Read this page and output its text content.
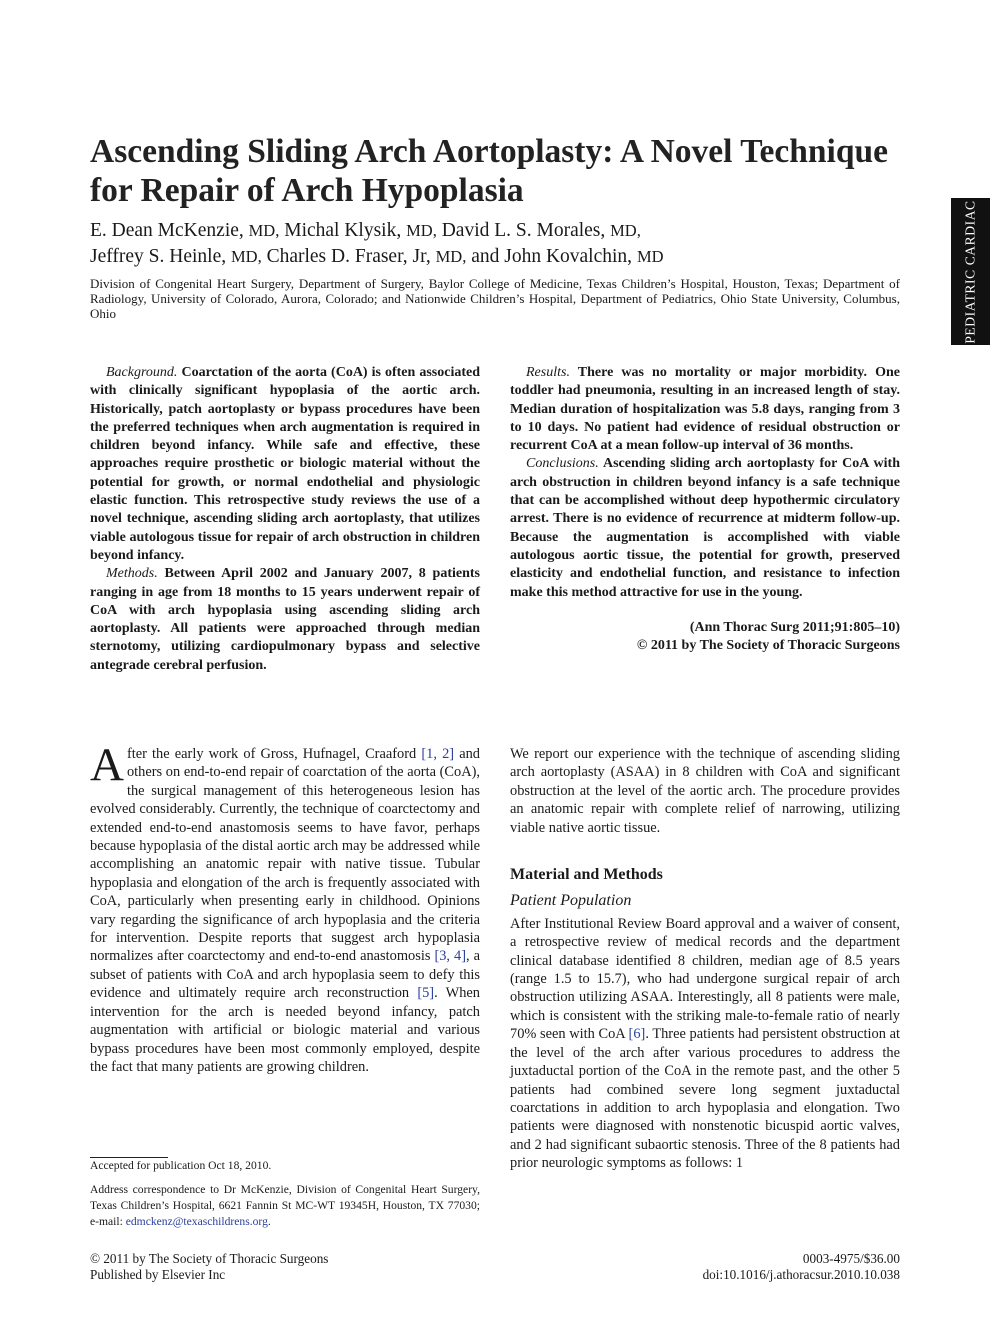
PEDIATRIC CARDIAC
Ascending Sliding Arch Aortoplasty: A Novel Technique for Repair of Arch Hypoplasia
E. Dean McKenzie, MD, Michal Klysik, MD, David L. S. Morales, MD,
Jeffrey S. Heinle, MD, Charles D. Fraser, Jr, MD, and John Kovalchin, MD
Division of Congenital Heart Surgery, Department of Surgery, Baylor College of Medicine, Texas Children’s Hospital, Houston, Texas; Department of Radiology, University of Colorado, Aurora, Colorado; and Nationwide Children’s Hospital, Department of Pediatrics, Ohio State University, Columbus, Ohio

Background. Coarctation of the aorta (CoA) is often associated with clinically significant hypoplasia of the aortic arch. Historically, patch aortoplasty or bypass procedures have been the preferred techniques when arch augmentation is required in children beyond infancy. While safe and effective, these approaches require prosthetic or biologic material without the potential for growth, or normal endothelial and physiologic elastic function. This retrospective study reviews the use of a novel technique, ascending sliding arch aortoplasty, that utilizes viable autologous tissue for repair of arch obstruction in children beyond infancy.

Methods. Between April 2002 and January 2007, 8 patients ranging in age from 18 months to 15 years underwent repair of CoA with arch hypoplasia using ascending sliding arch aortoplasty. All patients were approached through median sternotomy, utilizing cardiopulmonary bypass and selective antegrade cerebral perfusion.

Results. There was no mortality or major morbidity. One toddler had pneumonia, resulting in an increased length of stay. Median duration of hospitalization was 5.8 days, ranging from 3 to 10 days. No patient had evidence of residual obstruction or recurrent CoA at a mean follow-up interval of 36 months.

Conclusions. Ascending sliding arch aortoplasty for CoA with arch obstruction in children beyond infancy is a safe technique that can be accomplished without deep hypothermic circulatory arrest. There is no evidence of recurrence at midterm follow-up. Because the augmentation is accomplished with viable autologous aortic tissue, the potential for growth, preserved elasticity and endothelial function, and resistance to infection make this method attractive for use in the young.

(Ann Thorac Surg 2011;91:805–10)
© 2011 by The Society of Thoracic Surgeons

After the early work of Gross, Hufnagel, Craaford [1, 2] and others on end-to-end repair of coarctation of the aorta (CoA), the surgical management of this heterogeneous lesion has evolved considerably. Currently, the technique of coarctectomy and extended end-to-end anastomosis seems to have favor, perhaps because hypoplasia of the distal aortic arch may be addressed while accomplishing an anatomic repair with native tissue. Tubular hypoplasia and elongation of the arch is frequently associated with CoA, particularly when presenting early in childhood. Opinions vary regarding the significance of arch hypoplasia and the criteria for intervention. Despite reports that suggest arch hypoplasia normalizes after coarctectomy and end-to-end anastomosis [3, 4], a subset of patients with CoA and arch hypoplasia seem to defy this evidence and ultimately require arch reconstruction [5]. When intervention for the arch is needed beyond infancy, patch augmentation with artificial or biologic material and various bypass procedures have been most commonly employed, despite the fact that many patients are growing children.

We report our experience with the technique of ascending sliding arch aortoplasty (ASAA) in 8 children with CoA and significant obstruction at the level of the aortic arch. The procedure provides an anatomic repair with complete relief of narrowing, utilizing viable native aortic tissue.

Material and Methods

Patient Population

After Institutional Review Board approval and a waiver of consent, a retrospective review of medical records and the department clinical database identified 8 children, median age of 8.5 years (range 1.5 to 15.7), who had undergone surgical repair of arch obstruction utilizing ASAA. Interestingly, all 8 patients were male, which is consistent with the striking male-to-female ratio of nearly 70% seen with CoA [6]. Three patients had persistent obstruction at the level of the arch after various procedures to address the juxtaductal portion of the CoA in the remote past, and the other 5 patients had combined severe long segment juxtaductal coarctations in addition to arch hypoplasia and elongation. Two patients were diagnosed with nonstenotic bicuspid aortic valves, and 2 had significant subaortic stenosis. Three of the 8 patients had prior neurologic symptoms as follows: 1

Accepted for publication Oct 18, 2010.

Address correspondence to Dr McKenzie, Division of Congenital Heart Surgery, Texas Children’s Hospital, 6621 Fannin St MC-WT 19345H, Houston, TX 77030; e-mail: edmckenz@texaschildrens.org.

© 2011 by The Society of Thoracic Surgeons
Published by Elsevier Inc
0003-4975/$36.00
doi:10.1016/j.athoracsur.2010.10.038
